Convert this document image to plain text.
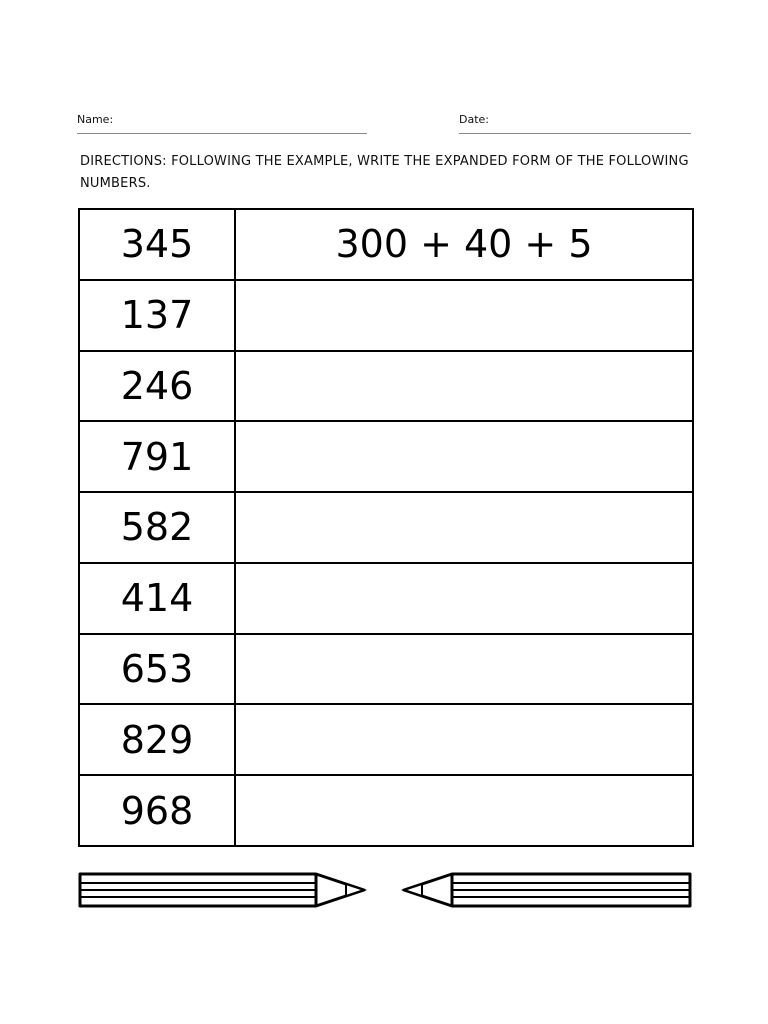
Name:	Date:
DIRECTIONS: FOLLOWING THE EXAMPLE, WRITE THE EXPANDED FORM OF THE FOLLOWING NUMBERS.
345	300 + 40 + 5
137	
246	
791	
582	
414	
653	
829	
968	
